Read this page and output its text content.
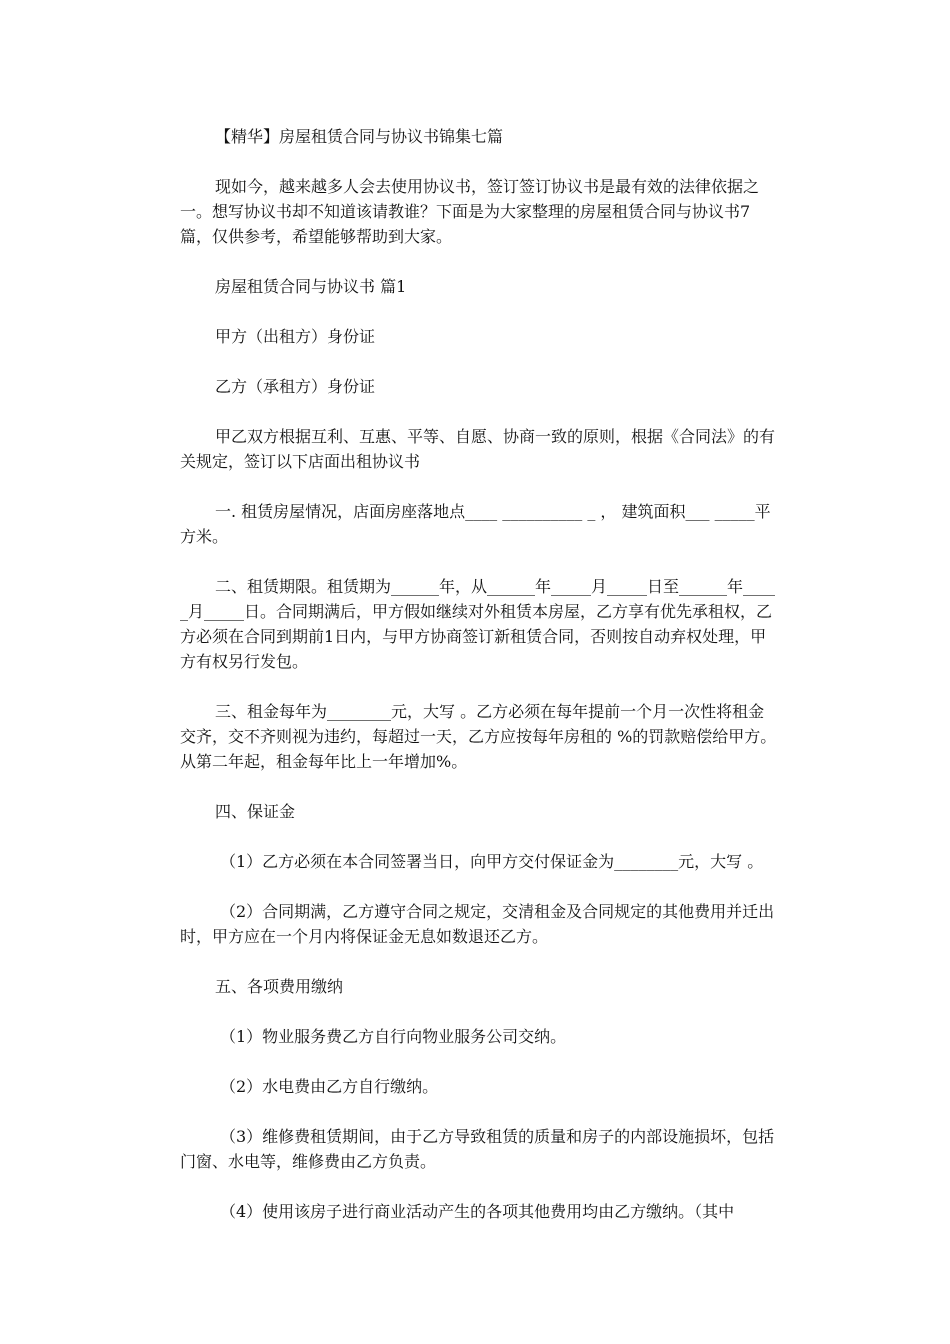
【精华】房屋租赁合同与协议书锦集七篇

现如今，越来越多人会去使用协议书，签订签订协议书是最有效的法律依据之一。想写协议书却不知道该请教谁？下面是为大家整理的房屋租赁合同与协议书7篇，仅供参考，希望能够帮助到大家。

房屋租赁合同与协议书 篇1

甲方（出租方）身份证

乙方（承租方）身份证

甲乙双方根据互利、互惠、平等、自愿、协商一致的原则，根据《合同法》的有关规定，签订以下店面出租协议书

一. 租赁房屋情况，店面房座落地点____ __________ _ ， 建筑面积___ _____平方米。

二、租赁期限。租赁期为______年，从______年_____月_____日至______年_____月_____日。合同期满后，甲方假如继续对外租赁本房屋，乙方享有优先承租权，乙方必须在合同到期前1日内，与甲方协商签订新租赁合同，否则按自动弃权处理，甲方有权另行发包。

三、租金每年为________元，大写 。乙方必须在每年提前一个月一次性将租金交齐，交不齐则视为违约，每超过一天，乙方应按每年房租的 %的罚款赔偿给甲方。从第二年起，租金每年比上一年增加%。

四、保证金

（1）乙方必须在本合同签署当日，向甲方交付保证金为________元，大写 。

（2）合同期满，乙方遵守合同之规定，交清租金及合同规定的其他费用并迁出时，甲方应在一个月内将保证金无息如数退还乙方。

五、各项费用缴纳

（1）物业服务费乙方自行向物业服务公司交纳。

（2）水电费由乙方自行缴纳。

（3）维修费租赁期间，由于乙方导致租赁的质量和房子的内部设施损坏，包括门窗、水电等，维修费由乙方负责。

（4）使用该房子进行商业活动产生的各项其他费用均由乙方缴纳。（其中
